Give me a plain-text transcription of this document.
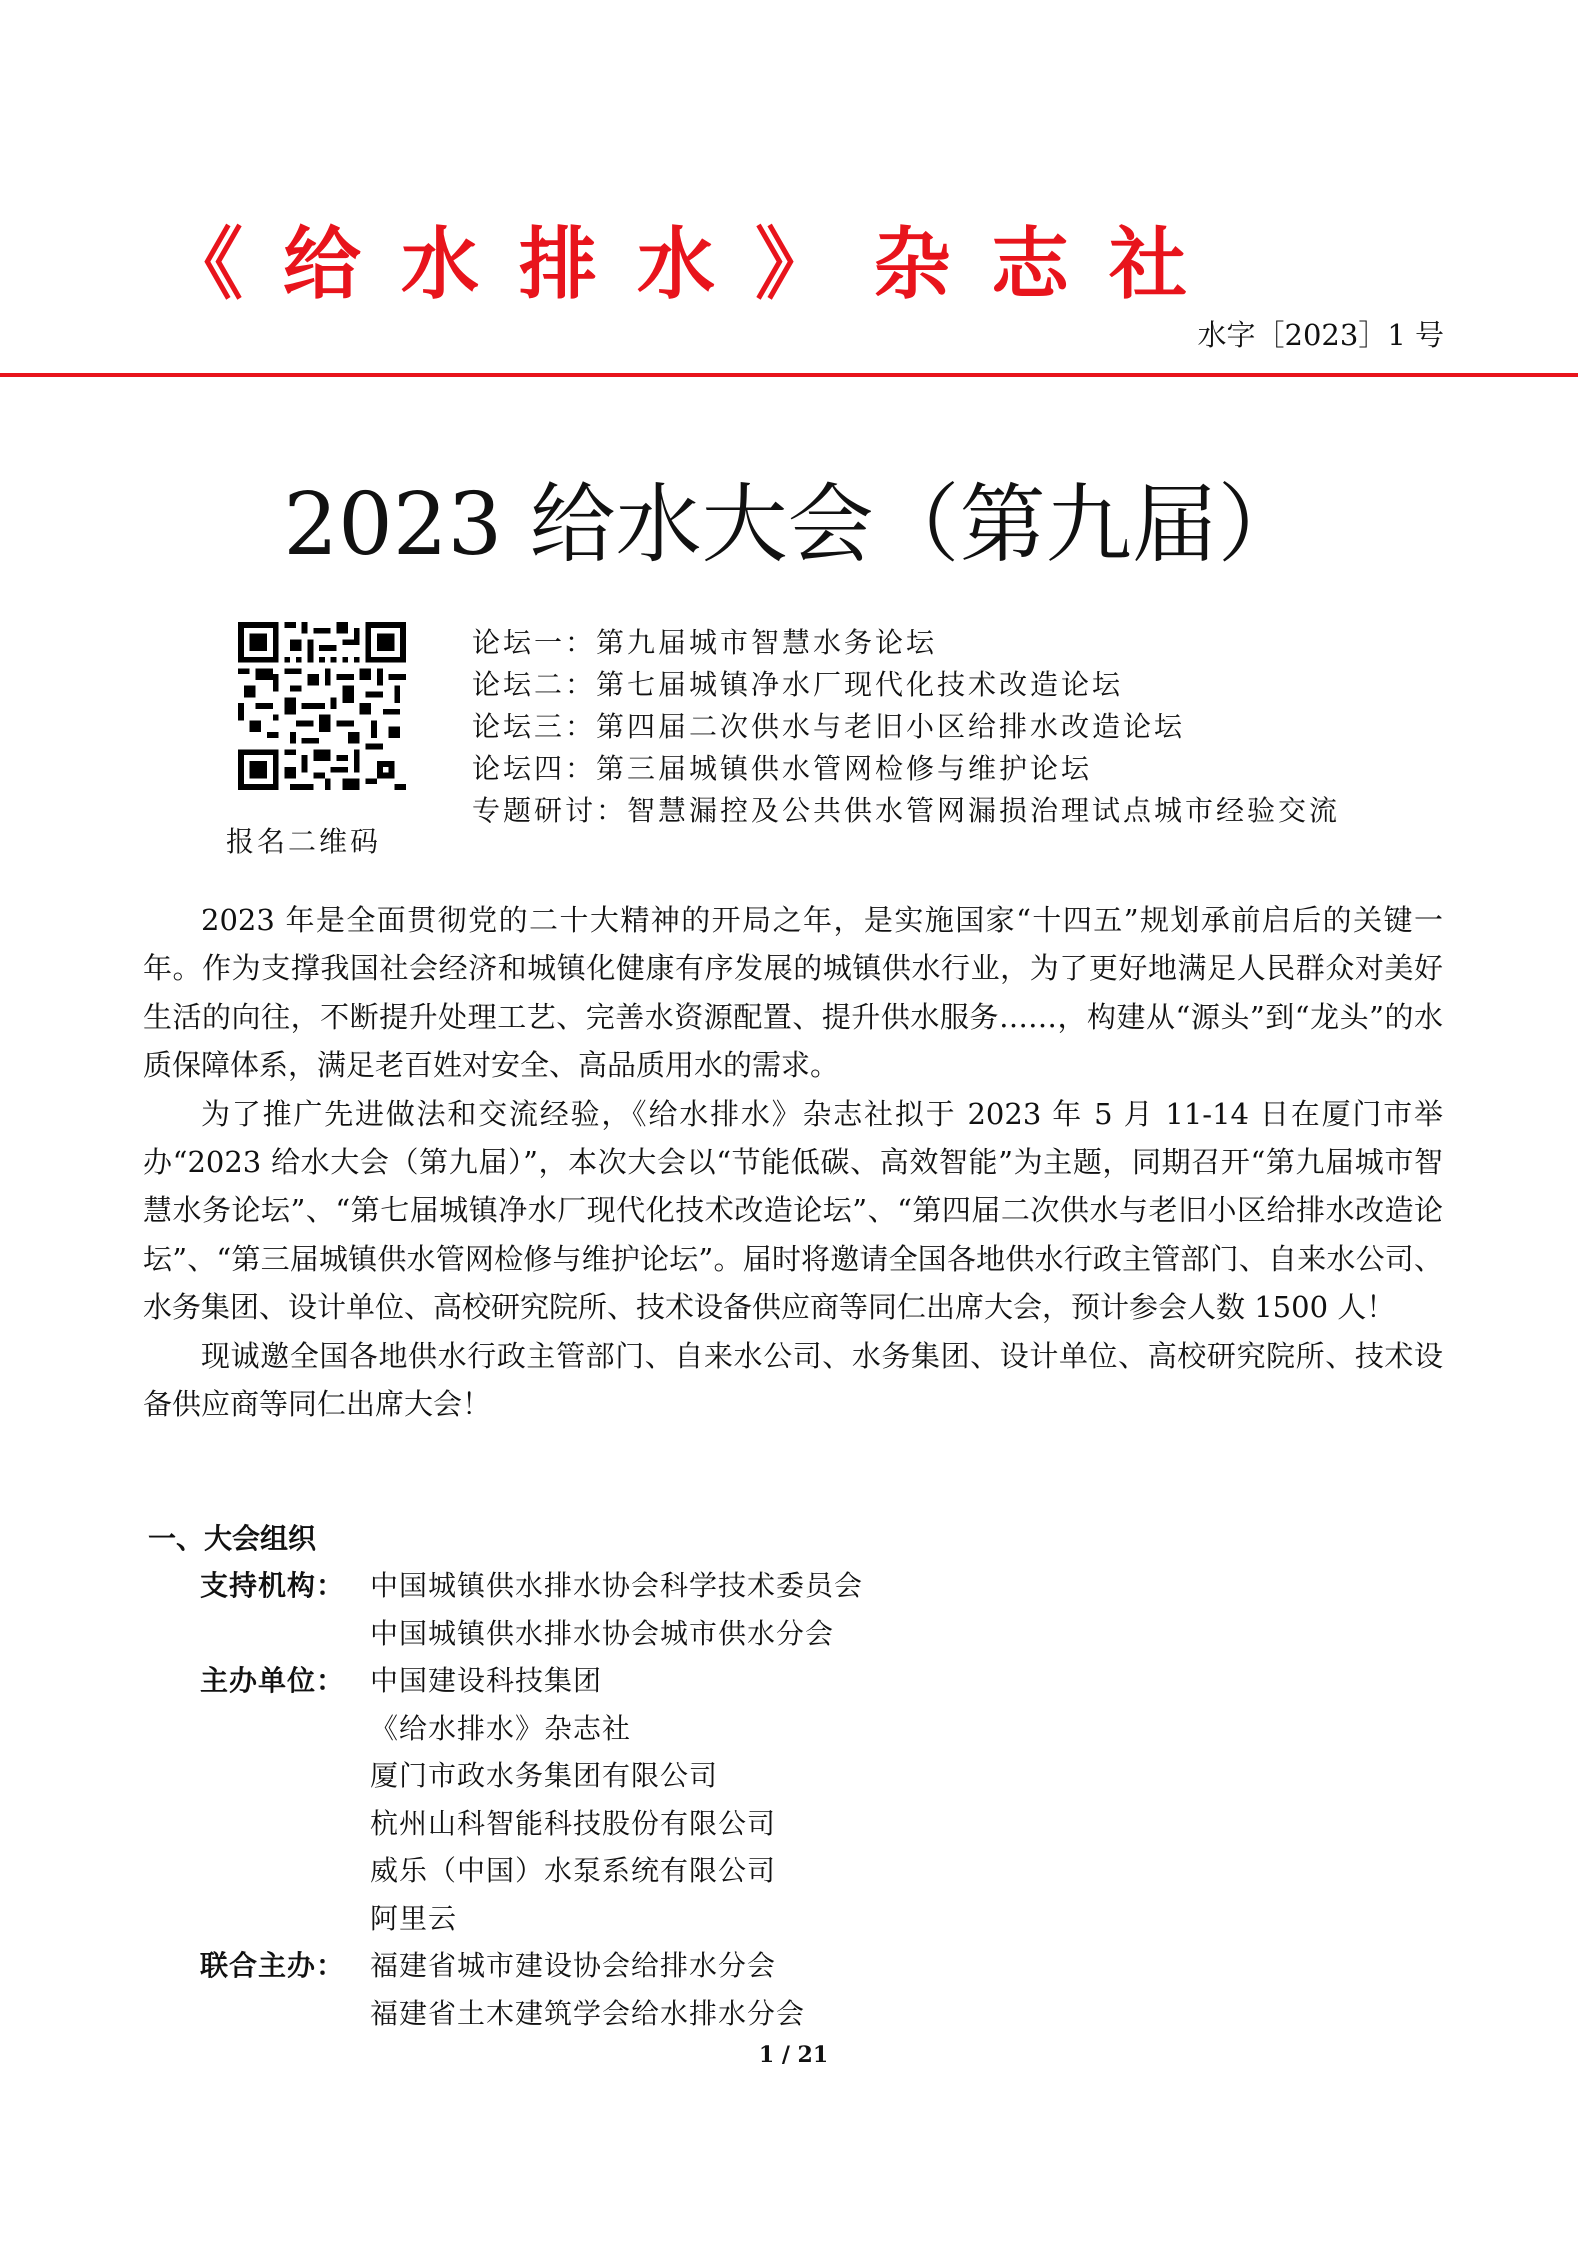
《给水排水》杂志社
水字［2023］1 号
2023 给水大会（第九届）
报名二维码
论坛一：第九届城市智慧水务论坛
论坛二：第七届城镇净水厂现代化技术改造论坛
论坛三：第四届二次供水与老旧小区给排水改造论坛
论坛四：第三届城镇供水管网检修与维护论坛
专题研讨：智慧漏控及公共供水管网漏损治理试点城市经验交流

2023 年是全面贯彻党的二十大精神的开局之年，是实施国家“十四五”规划承前启后的关键一年。作为支撑我国社会经济和城镇化健康有序发展的城镇供水行业，为了更好地满足人民群众对美好生活的向往，不断提升处理工艺、完善水资源配置、提升供水服务……，构建从“源头”到“龙头”的水质保障体系，满足老百姓对安全、高品质用水的需求。

为了推广先进做法和交流经验，《给水排水》杂志社拟于 2023 年 5 月 11-14 日在厦门市举办“2023 给水大会（第九届）”，本次大会以“节能低碳、高效智能”为主题，同期召开“第九届城市智慧水务论坛”、“第七届城镇净水厂现代化技术改造论坛”、“第四届二次供水与老旧小区给排水改造论坛”、“第三届城镇供水管网检修与维护论坛”。届时将邀请全国各地供水行政主管部门、自来水公司、水务集团、设计单位、高校研究院所、技术设备供应商等同仁出席大会，预计参会人数 1500 人！

现诚邀全国各地供水行政主管部门、自来水公司、水务集团、设计单位、高校研究院所、技术设备供应商等同仁出席大会！

一、大会组织
支持机构： 中国城镇供水排水协会科学技术委员会
中国城镇供水排水协会城市供水分会
主办单位： 中国建设科技集团
《给水排水》杂志社
厦门市政水务集团有限公司
杭州山科智能科技股份有限公司
威乐（中国）水泵系统有限公司
阿里云
联合主办： 福建省城市建设协会给排水分会
福建省土木建筑学会给水排水分会
1 / 21
